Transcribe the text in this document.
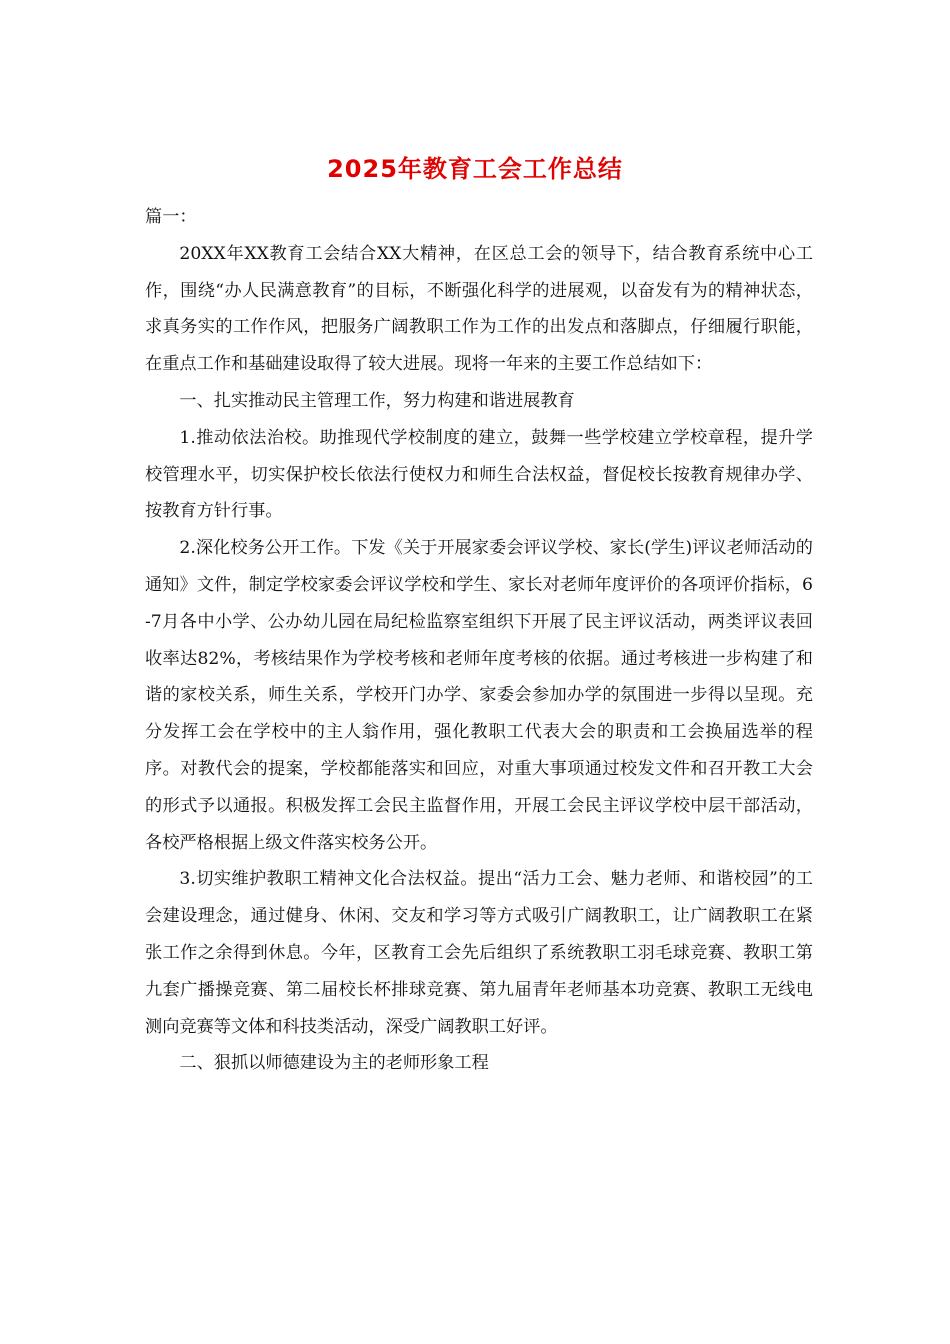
2025年教育工会工作总结

篇一：

20XX年XX教育工会结合XX大精神，在区总工会的领导下，结合教育系统中心工作，围绕“办人民满意教育”的目标，不断强化科学的进展观，以奋发有为的精神状态，求真务实的工作作风，把服务广阔教职工作为工作的出发点和落脚点，仔细履行职能，在重点工作和基础建设取得了较大进展。现将一年来的主要工作总结如下：

一、扎实推动民主管理工作，努力构建和谐进展教育

1.推动依法治校。助推现代学校制度的建立，鼓舞一些学校建立学校章程，提升学校管理水平，切实保护校长依法行使权力和师生合法权益，督促校长按教育规律办学、按教育方针行事。

2.深化校务公开工作。下发《关于开展家委会评议学校、家长(学生)评议老师活动的通知》文件，制定学校家委会评议学校和学生、家长对老师年度评价的各项评价指标，6-7月各中小学、公办幼儿园在局纪检监察室组织下开展了民主评议活动，两类评议表回收率达82%，考核结果作为学校考核和老师年度考核的依据。通过考核进一步构建了和谐的家校关系，师生关系，学校开门办学、家委会参加办学的氛围进一步得以呈现。充分发挥工会在学校中的主人翁作用，强化教职工代表大会的职责和工会换届选举的程序。对教代会的提案，学校都能落实和回应，对重大事项通过校发文件和召开教工大会的形式予以通报。积极发挥工会民主监督作用，开展工会民主评议学校中层干部活动，各校严格根据上级文件落实校务公开。

3.切实维护教职工精神文化合法权益。提出“活力工会、魅力老师、和谐校园”的工会建设理念，通过健身、休闲、交友和学习等方式吸引广阔教职工，让广阔教职工在紧张工作之余得到休息。今年，区教育工会先后组织了系统教职工羽毛球竞赛、教职工第九套广播操竞赛、第二届校长杯排球竞赛、第九届青年老师基本功竞赛、教职工无线电测向竞赛等文体和科技类活动，深受广阔教职工好评。

二、狠抓以师德建设为主的老师形象工程
